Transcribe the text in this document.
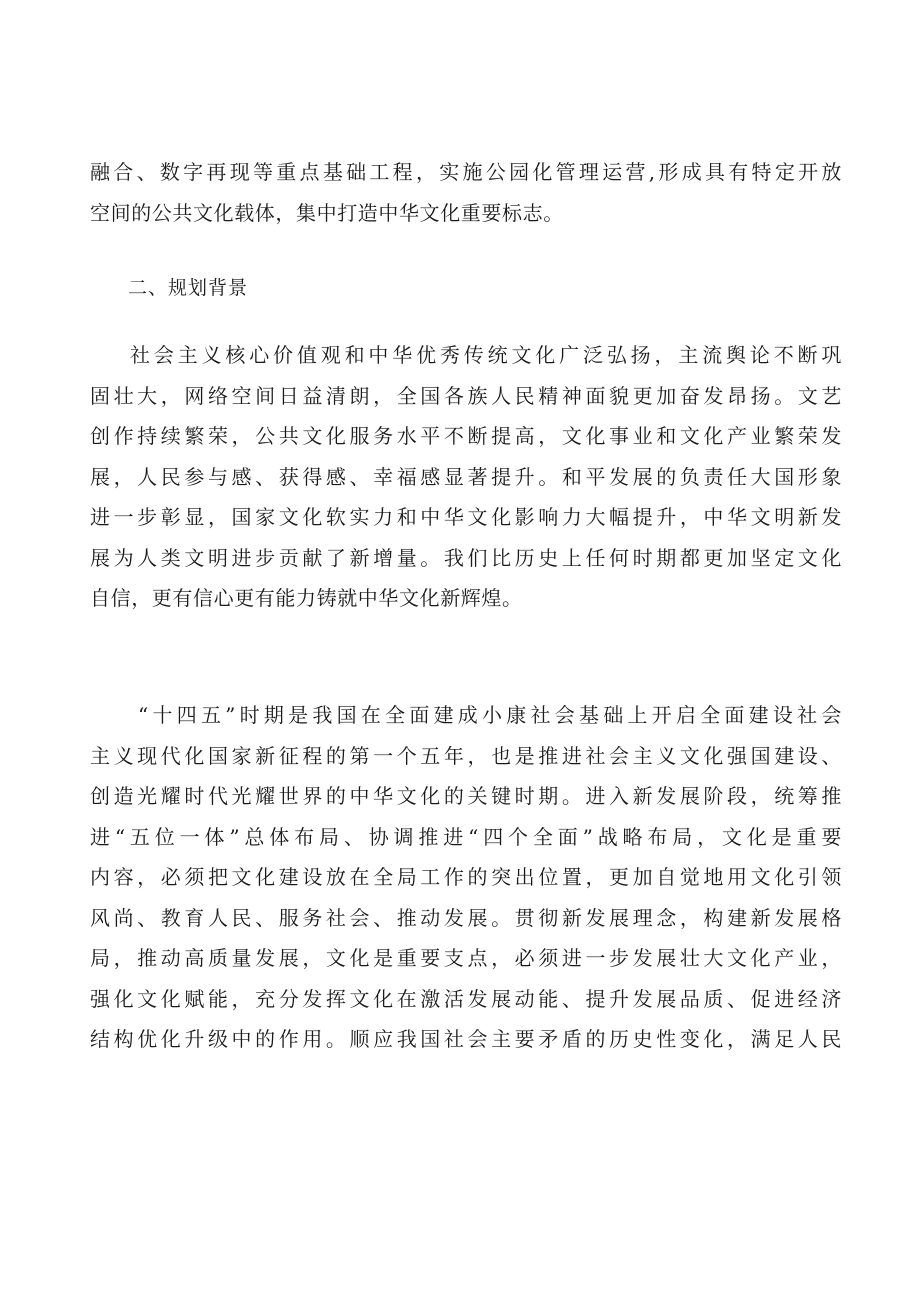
融合、数字再现等重点基础工程，实施公园化管理运营,形成具有特定开放
空间的公共文化载体，集中打造中华文化重要标志。
二、规划背景
社会主义核心价值观和中华优秀传统文化广泛弘扬，主流舆论不断巩
固壮大，网络空间日益清朗，全国各族人民精神面貌更加奋发昂扬。文艺
创作持续繁荣，公共文化服务水平不断提高，文化事业和文化产业繁荣发
展，人民参与感、获得感、幸福感显著提升。和平发展的负责任大国形象
进一步彰显，国家文化软实力和中华文化影响力大幅提升，中华文明新发
展为人类文明进步贡献了新增量。我们比历史上任何时期都更加坚定文化
自信，更有信心更有能力铸就中华文化新辉煌。
“十四五”时期是我国在全面建成小康社会基础上开启全面建设社会
主义现代化国家新征程的第一个五年，也是推进社会主义文化强国建设、
创造光耀时代光耀世界的中华文化的关键时期。进入新发展阶段，统筹推
进“五位一体”总体布局、协调推进“四个全面”战略布局，文化是重要
内容，必须把文化建设放在全局工作的突出位置，更加自觉地用文化引领
风尚、教育人民、服务社会、推动发展。贯彻新发展理念，构建新发展格
局，推动高质量发展，文化是重要支点，必须进一步发展壮大文化产业，
强化文化赋能，充分发挥文化在激活发展动能、提升发展品质、促进经济
结构优化升级中的作用。顺应我国社会主要矛盾的历史性变化，满足人民
